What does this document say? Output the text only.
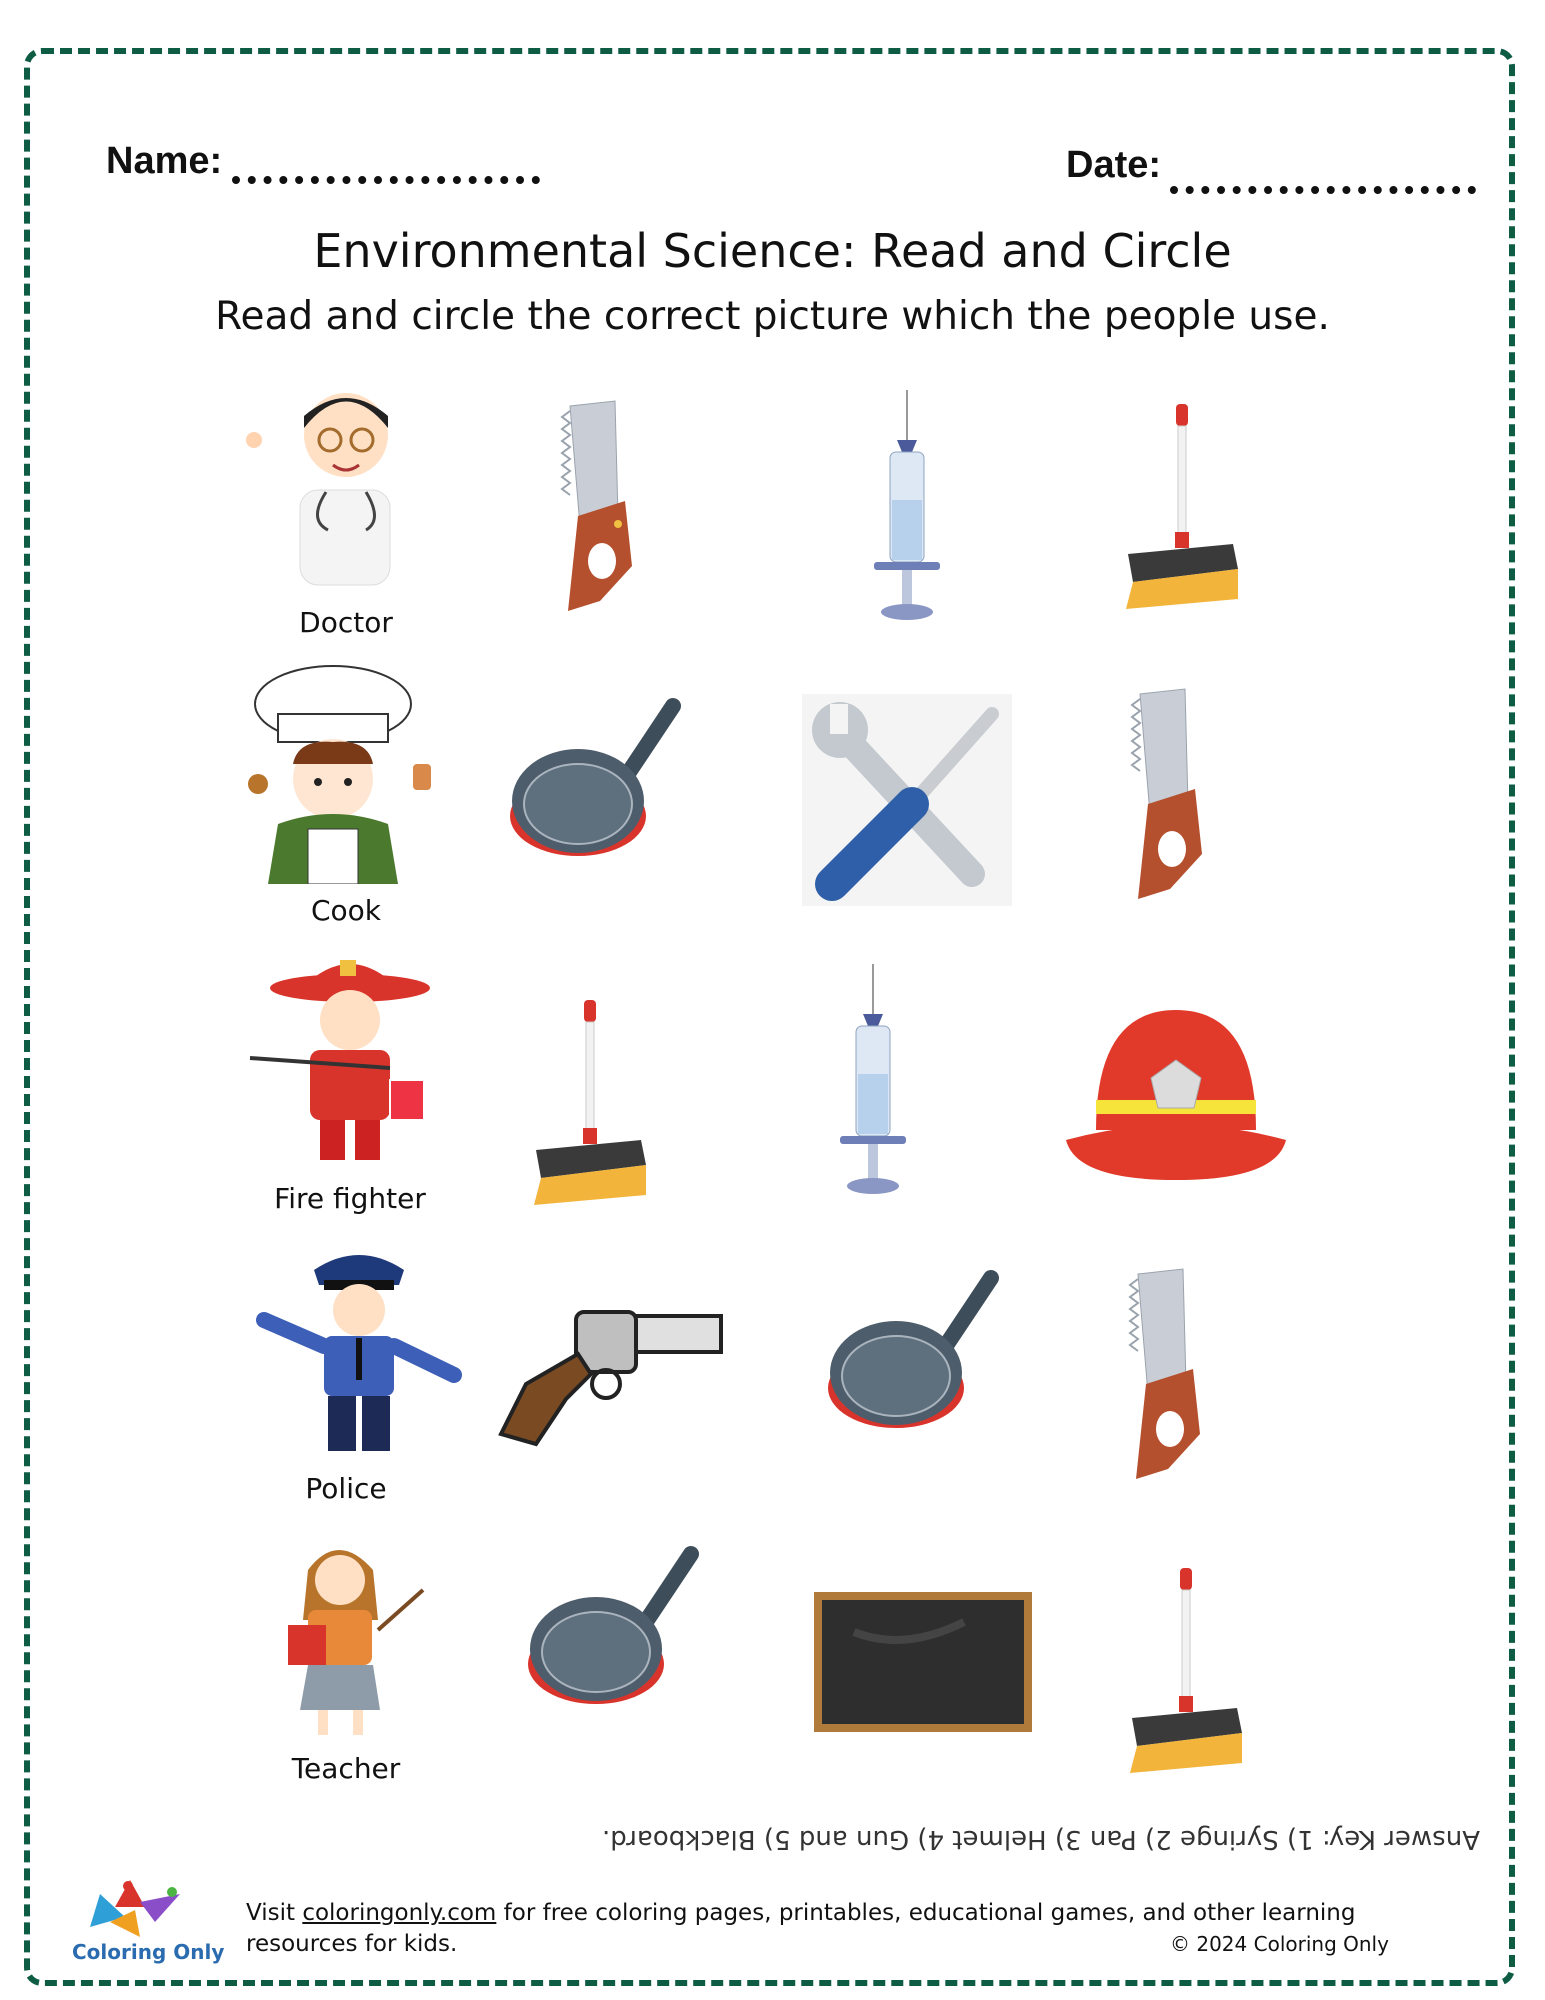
Name:	Date:
Environmental Science: Read and Circle
Read and circle the correct picture which the people use.
Doctor
Cook
Fire fighter
Police
Teacher
Answer Key: 1) Syringe 2) Pan 3) Helmet 4) Gun and 5) Blackboard.
Coloring Only
Visit coloringonly.com for free coloring pages, printables, educational games, and other learning resources for kids.	© 2024 Coloring Only
